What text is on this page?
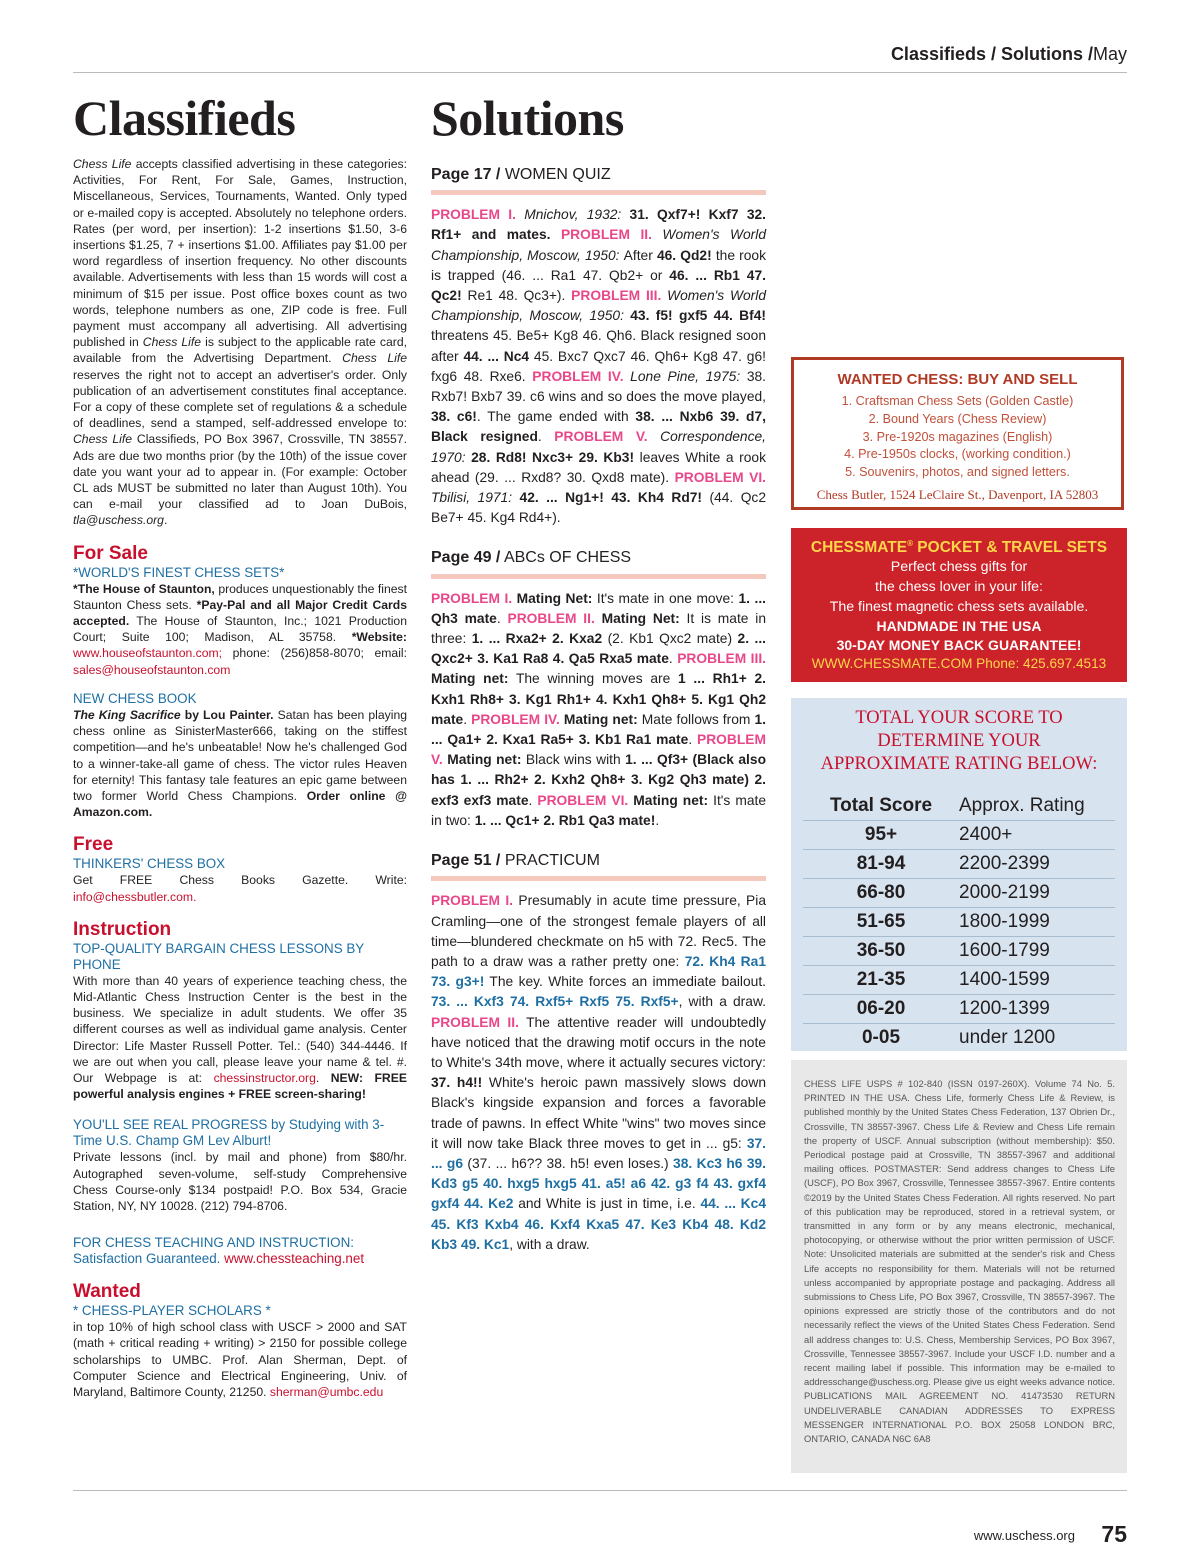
Classifieds / Solutions /May
Classifieds

Chess Life accepts classified advertising in these categories: Activities, For Rent, For Sale, Games, Instruction, Miscellaneous, Services, Tournaments, Wanted. Only typed or e-mailed copy is accepted. Absolutely no telephone orders. Rates (per word, per insertion): 1-2 insertions $1.50, 3-6 insertions $1.25, 7 + insertions $1.00. Affiliates pay $1.00 per word regardless of insertion frequency. No other discounts available. Advertisements with less than 15 words will cost a minimum of $15 per issue. Post office boxes count as two words, telephone numbers as one, ZIP code is free. Full payment must accompany all advertising. All advertising published in Chess Life is subject to the applicable rate card, available from the Advertising Department. Chess Life reserves the right not to accept an advertiser's order. Only publication of an advertisement constitutes final acceptance. For a copy of these complete set of regulations & a schedule of deadlines, send a stamped, self-addressed envelope to: Chess Life Classifieds, PO Box 3967, Crossville, TN 38557. Ads are due two months prior (by the 10th) of the issue cover date you want your ad to appear in. (For example: October CL ads MUST be submitted no later than August 10th). You can e-mail your classified ad to Joan DuBois, tla@uschess.org.

For Sale
*WORLD'S FINEST CHESS SETS*

*The House of Staunton, produces unquestionably the finest Staunton Chess sets. *Pay-Pal and all Major Credit Cards accepted. The House of Staunton, Inc.; 1021 Production Court; Suite 100; Madison, AL 35758. *Website: www.houseofstaunton.com; phone: (256)858-8070; email: sales@houseofstaunton.com

NEW CHESS BOOK

The King Sacrifice by Lou Painter. Satan has been playing chess online as SinisterMaster666, taking on the stiffest competition—and he's unbeatable! Now he's challenged God to a winner-take-all game of chess. The victor rules Heaven for eternity! This fantasy tale features an epic game between two former World Chess Champions. Order online @ Amazon.com.

Free
THINKERS' CHESS BOX

Get FREE Chess Books Gazette. Write: info@chessbutler.com.

Instruction
TOP-QUALITY BARGAIN CHESS LESSONS BY PHONE

With more than 40 years of experience teaching chess, the Mid-Atlantic Chess Instruction Center is the best in the business. We specialize in adult students. We offer 35 different courses as well as individual game analysis. Center Director: Life Master Russell Potter. Tel.: (540) 344-4446. If we are out when you call, please leave your name & tel. #. Our Webpage is at: chessinstructor.org. NEW: FREE powerful analysis engines + FREE screen-sharing!

YOU'LL SEE REAL PROGRESS by Studying with 3-Time U.S. Champ GM Lev Alburt!

Private lessons (incl. by mail and phone) from $80/hr. Autographed seven-volume, self-study Comprehensive Chess Course-only $134 postpaid! P.O. Box 534, Gracie Station, NY, NY 10028. (212) 794-8706.

FOR CHESS TEACHING AND INSTRUCTION:
Satisfaction Guaranteed. www.chessteaching.net
Wanted
* CHESS-PLAYER SCHOLARS *

in top 10% of high school class with USCF > 2000 and SAT (math + critical reading + writing) > 2150 for possible college scholarships to UMBC. Prof. Alan Sherman, Dept. of Computer Science and Electrical Engineering, Univ. of Maryland, Baltimore County, 21250. sherman@umbc.edu

Solutions
Page 17 / WOMEN QUIZ

PROBLEM I. Mnichov, 1932: 31. Qxf7+! Kxf7 32. Rf1+ and mates. PROBLEM II. Women's World Championship, Moscow, 1950: After 46. Qd2! the rook is trapped (46. ... Ra1 47. Qb2+ or 46. ... Rb1 47. Qc2! Re1 48. Qc3+). PROBLEM III. Women's World Championship, Moscow, 1950: 43. f5! gxf5 44. Bf4! threatens 45. Be5+ Kg8 46. Qh6. Black resigned soon after 44. ... Nc4 45. Bxc7 Qxc7 46. Qh6+ Kg8 47. g6! fxg6 48. Rxe6. PROBLEM IV. Lone Pine, 1975: 38. Rxb7! Bxb7 39. c6 wins and so does the move played, 38. c6!. The game ended with 38. ... Nxb6 39. d7, Black resigned. PROBLEM V. Correspondence, 1970: 28. Rd8! Nxc3+ 29. Kb3! leaves White a rook ahead (29. ... Rxd8? 30. Qxd8 mate). PROBLEM VI. Tbilisi, 1971: 42. ... Ng1+! 43. Kh4 Rd7! (44. Qc2 Be7+ 45. Kg4 Rd4+).

Page 49 / ABCs OF CHESS

PROBLEM I. Mating Net: It's mate in one move: 1. ... Qh3 mate. PROBLEM II. Mating Net: It is mate in three: 1. ... Rxa2+ 2. Kxa2 (2. Kb1 Qxc2 mate) 2. ... Qxc2+ 3. Ka1 Ra8 4. Qa5 Rxa5 mate. PROBLEM III. Mating net: The winning moves are 1 ... Rh1+ 2. Kxh1 Rh8+ 3. Kg1 Rh1+ 4. Kxh1 Qh8+ 5. Kg1 Qh2 mate. PROBLEM IV. Mating net: Mate follows from 1. ... Qa1+ 2. Kxa1 Ra5+ 3. Kb1 Ra1 mate. PROBLEM V. Mating net: Black wins with 1. ... Qf3+ (Black also has 1. ... Rh2+ 2. Kxh2 Qh8+ 3. Kg2 Qh3 mate) 2. exf3 exf3 mate. PROBLEM VI. Mating net: It's mate in two: 1. ... Qc1+ 2. Rb1 Qa3 mate!.

Page 51 / PRACTICUM

PROBLEM I. Presumably in acute time pressure, Pia Cramling—one of the strongest female players of all time—blundered checkmate on h5 with 72. Rec5. The path to a draw was a rather pretty one: 72. Kh4 Ra1 73. g3+! The key. White forces an immediate bailout. 73. ... Kxf3 74. Rxf5+ Rxf5 75. Rxf5+, with a draw. PROBLEM II. The attentive reader will undoubtedly have noticed that the drawing motif occurs in the note to White's 34th move, where it actually secures victory: 37. h4!! White's heroic pawn massively slows down Black's kingside expansion and forces a favorable trade of pawns. In effect White "wins" two moves since it will now take Black three moves to get in ... g5: 37. ... g6 (37. ... h6?? 38. h5! even loses.) 38. Kc3 h6 39. Kd3 g5 40. hxg5 hxg5 41. a5! a6 42. g3 f4 43. gxf4 gxf4 44. Ke2 and White is just in time, i.e. 44. ... Kc4 45. Kf3 Kxb4 46. Kxf4 Kxa5 47. Ke3 Kb4 48. Kd2 Kb3 49. Kc1, with a draw.

WANTED CHESS: BUY AND SELL
1. Craftsman Chess Sets (Golden Castle)
2. Bound Years (Chess Review)
3. Pre-1920s magazines (English)
4. Pre-1950s clocks, (working condition.)
5. Souvenirs, photos, and signed letters.
Chess Butler, 1524 LeClaire St., Davenport, IA 52803
CHESSMATE® POCKET & TRAVEL SETS
Perfect chess gifts for
the chess lover in your life:
The finest magnetic chess sets available.
HANDMADE IN THE USA
30-DAY MONEY BACK GUARANTEE!
WWW.CHESSMATE.COM Phone: 425.697.4513
TOTAL YOUR SCORE TO
DETERMINE YOUR
APPROXIMATE RATING BELOW:
Total Score	Approx. Rating
95+	2400+
81-94	2200-2399
66-80	2000-2199
51-65	1800-1999
36-50	1600-1799
21-35	1400-1599
06-20	1200-1399
0-05	under 1200
CHESS LIFE USPS # 102-840 (ISSN 0197-260X). Volume 74 No. 5. PRINTED IN THE USA. Chess Life, formerly Chess Life & Review, is published monthly by the United States Chess Federation, 137 Obrien Dr., Crossville, TN 38557-3967. Chess Life & Review and Chess Life remain the property of USCF. Annual subscription (without membership): $50. Periodical postage paid at Crossville, TN 38557-3967 and additional mailing offices. POSTMASTER: Send address changes to Chess Life (USCF), PO Box 3967, Crossville, Tennessee 38557-3967. Entire contents ©2019 by the United States Chess Federation. All rights reserved. No part of this publication may be reproduced, stored in a retrieval system, or transmitted in any form or by any means electronic, mechanical, photocopying, or otherwise without the prior written permission of USCF. Note: Unsolicited materials are submitted at the sender's risk and Chess Life accepts no responsibility for them. Materials will not be returned unless accompanied by appropriate postage and packaging. Address all submissions to Chess Life, PO Box 3967, Crossville, TN 38557-3967. The opinions expressed are strictly those of the contributors and do not necessarily reflect the views of the United States Chess Federation. Send all address changes to: U.S. Chess, Membership Services, PO Box 3967, Crossville, Tennessee 38557-3967. Include your USCF I.D. number and a recent mailing label if possible. This information may be e-mailed to addresschange@uschess.org. Please give us eight weeks advance notice. PUBLICATIONS MAIL AGREEMENT NO. 41473530 RETURN UNDELIVERABLE CANADIAN ADDRESSES TO EXPRESS MESSENGER INTERNATIONAL P.O. BOX 25058 LONDON BRC, ONTARIO, CANADA N6C 6A8
www.uschess.org 75
